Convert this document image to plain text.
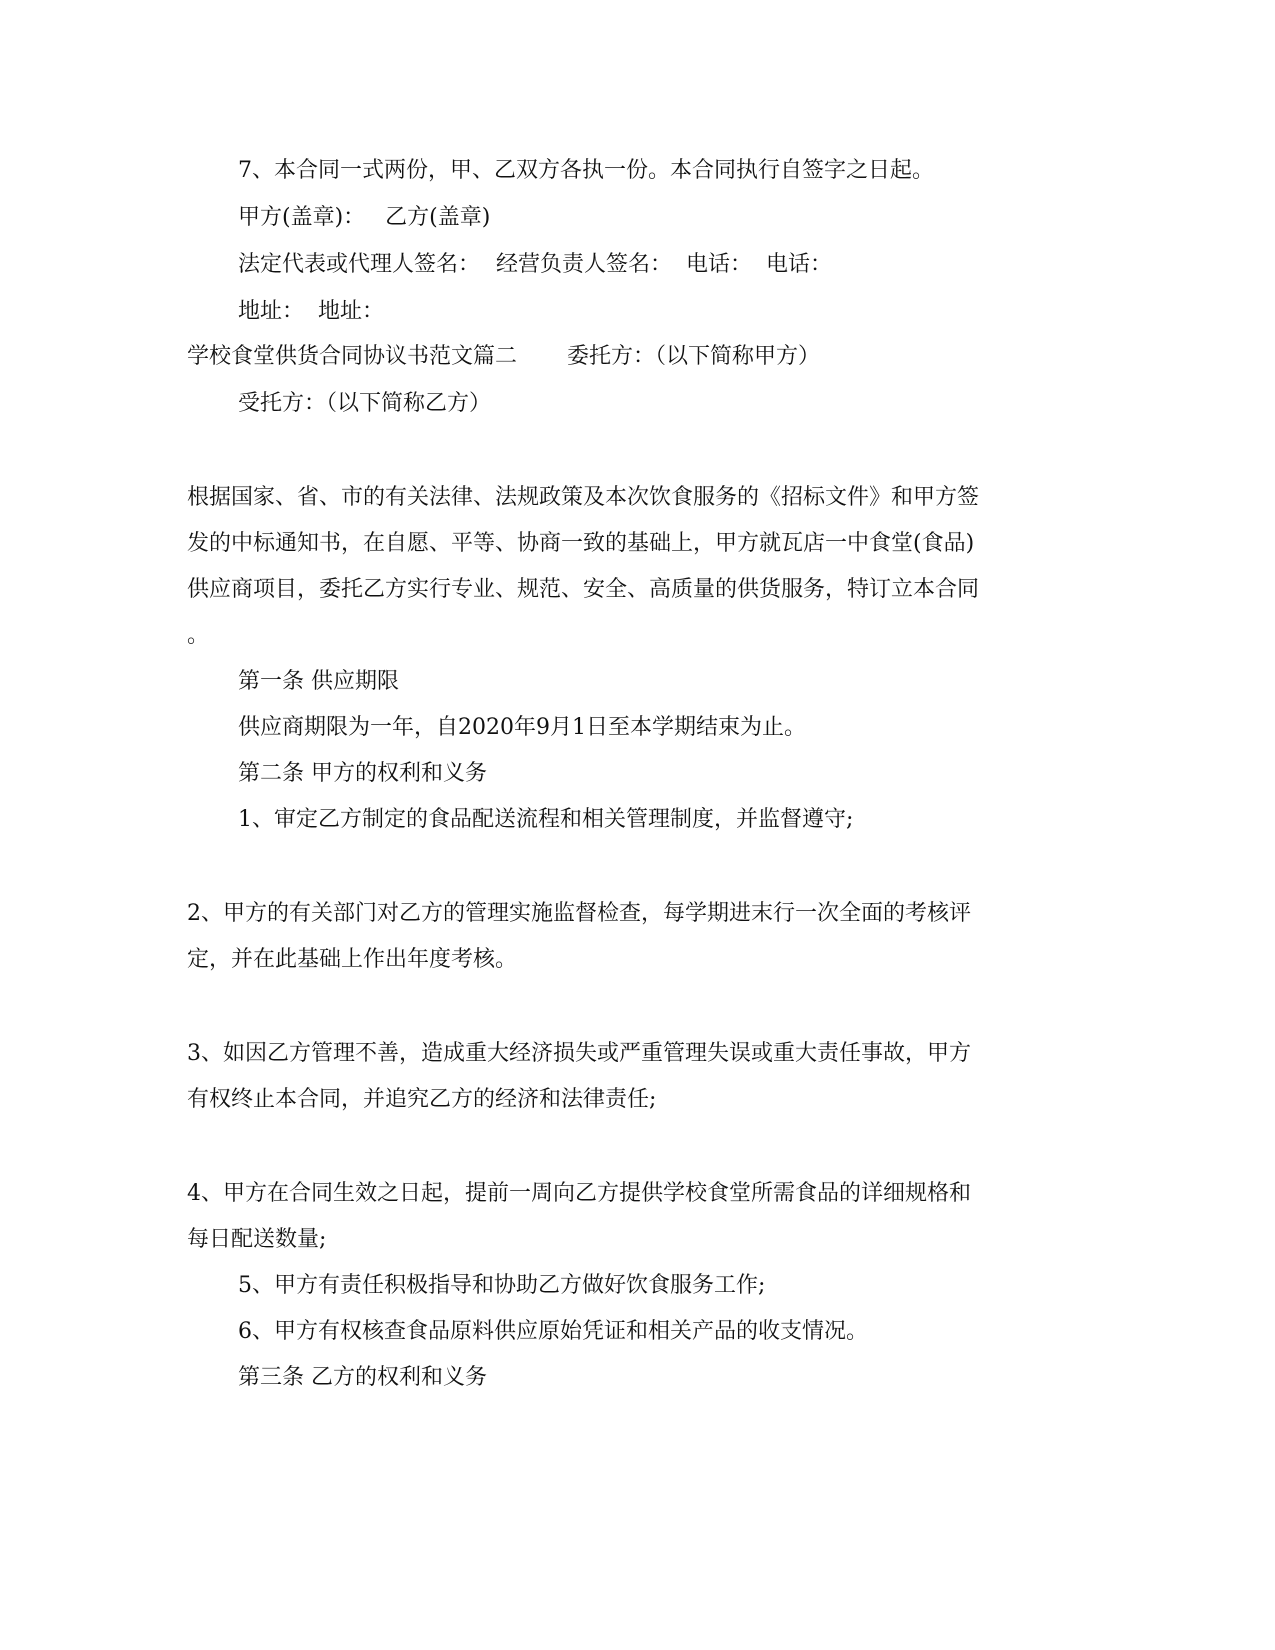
7、本合同一式两份，甲、乙双方各执一份。本合同执行自签字之日起。
甲方(盖章)： 乙方(盖章)
法定代表或代理人签名： 经营负责人签名： 电话： 电话：
地址： 地址：
学校食堂供货合同协议书范文篇二 委托方：（以下简称甲方）
受托方：（以下简称乙方）
根据国家、省、市的有关法律、法规政策及本次饮食服务的《招标文件》和甲方签
发的中标通知书，在自愿、平等、协商一致的基础上，甲方就瓦店一中食堂(食品)
供应商项目，委托乙方实行专业、规范、安全、高质量的供货服务，特订立本合同
。
第一条 供应期限
供应商期限为一年，自2020年9月1日至本学期结束为止。
第二条 甲方的权利和义务
1、审定乙方制定的食品配送流程和相关管理制度，并监督遵守;
2、甲方的有关部门对乙方的管理实施监督检查，每学期进末行一次全面的考核评
定，并在此基础上作出年度考核。
3、如因乙方管理不善，造成重大经济损失或严重管理失误或重大责任事故，甲方
有权终止本合同，并追究乙方的经济和法律责任;
4、甲方在合同生效之日起，提前一周向乙方提供学校食堂所需食品的详细规格和
每日配送数量;
5、甲方有责任积极指导和协助乙方做好饮食服务工作;
6、甲方有权核查食品原料供应原始凭证和相关产品的收支情况。
第三条 乙方的权利和义务
